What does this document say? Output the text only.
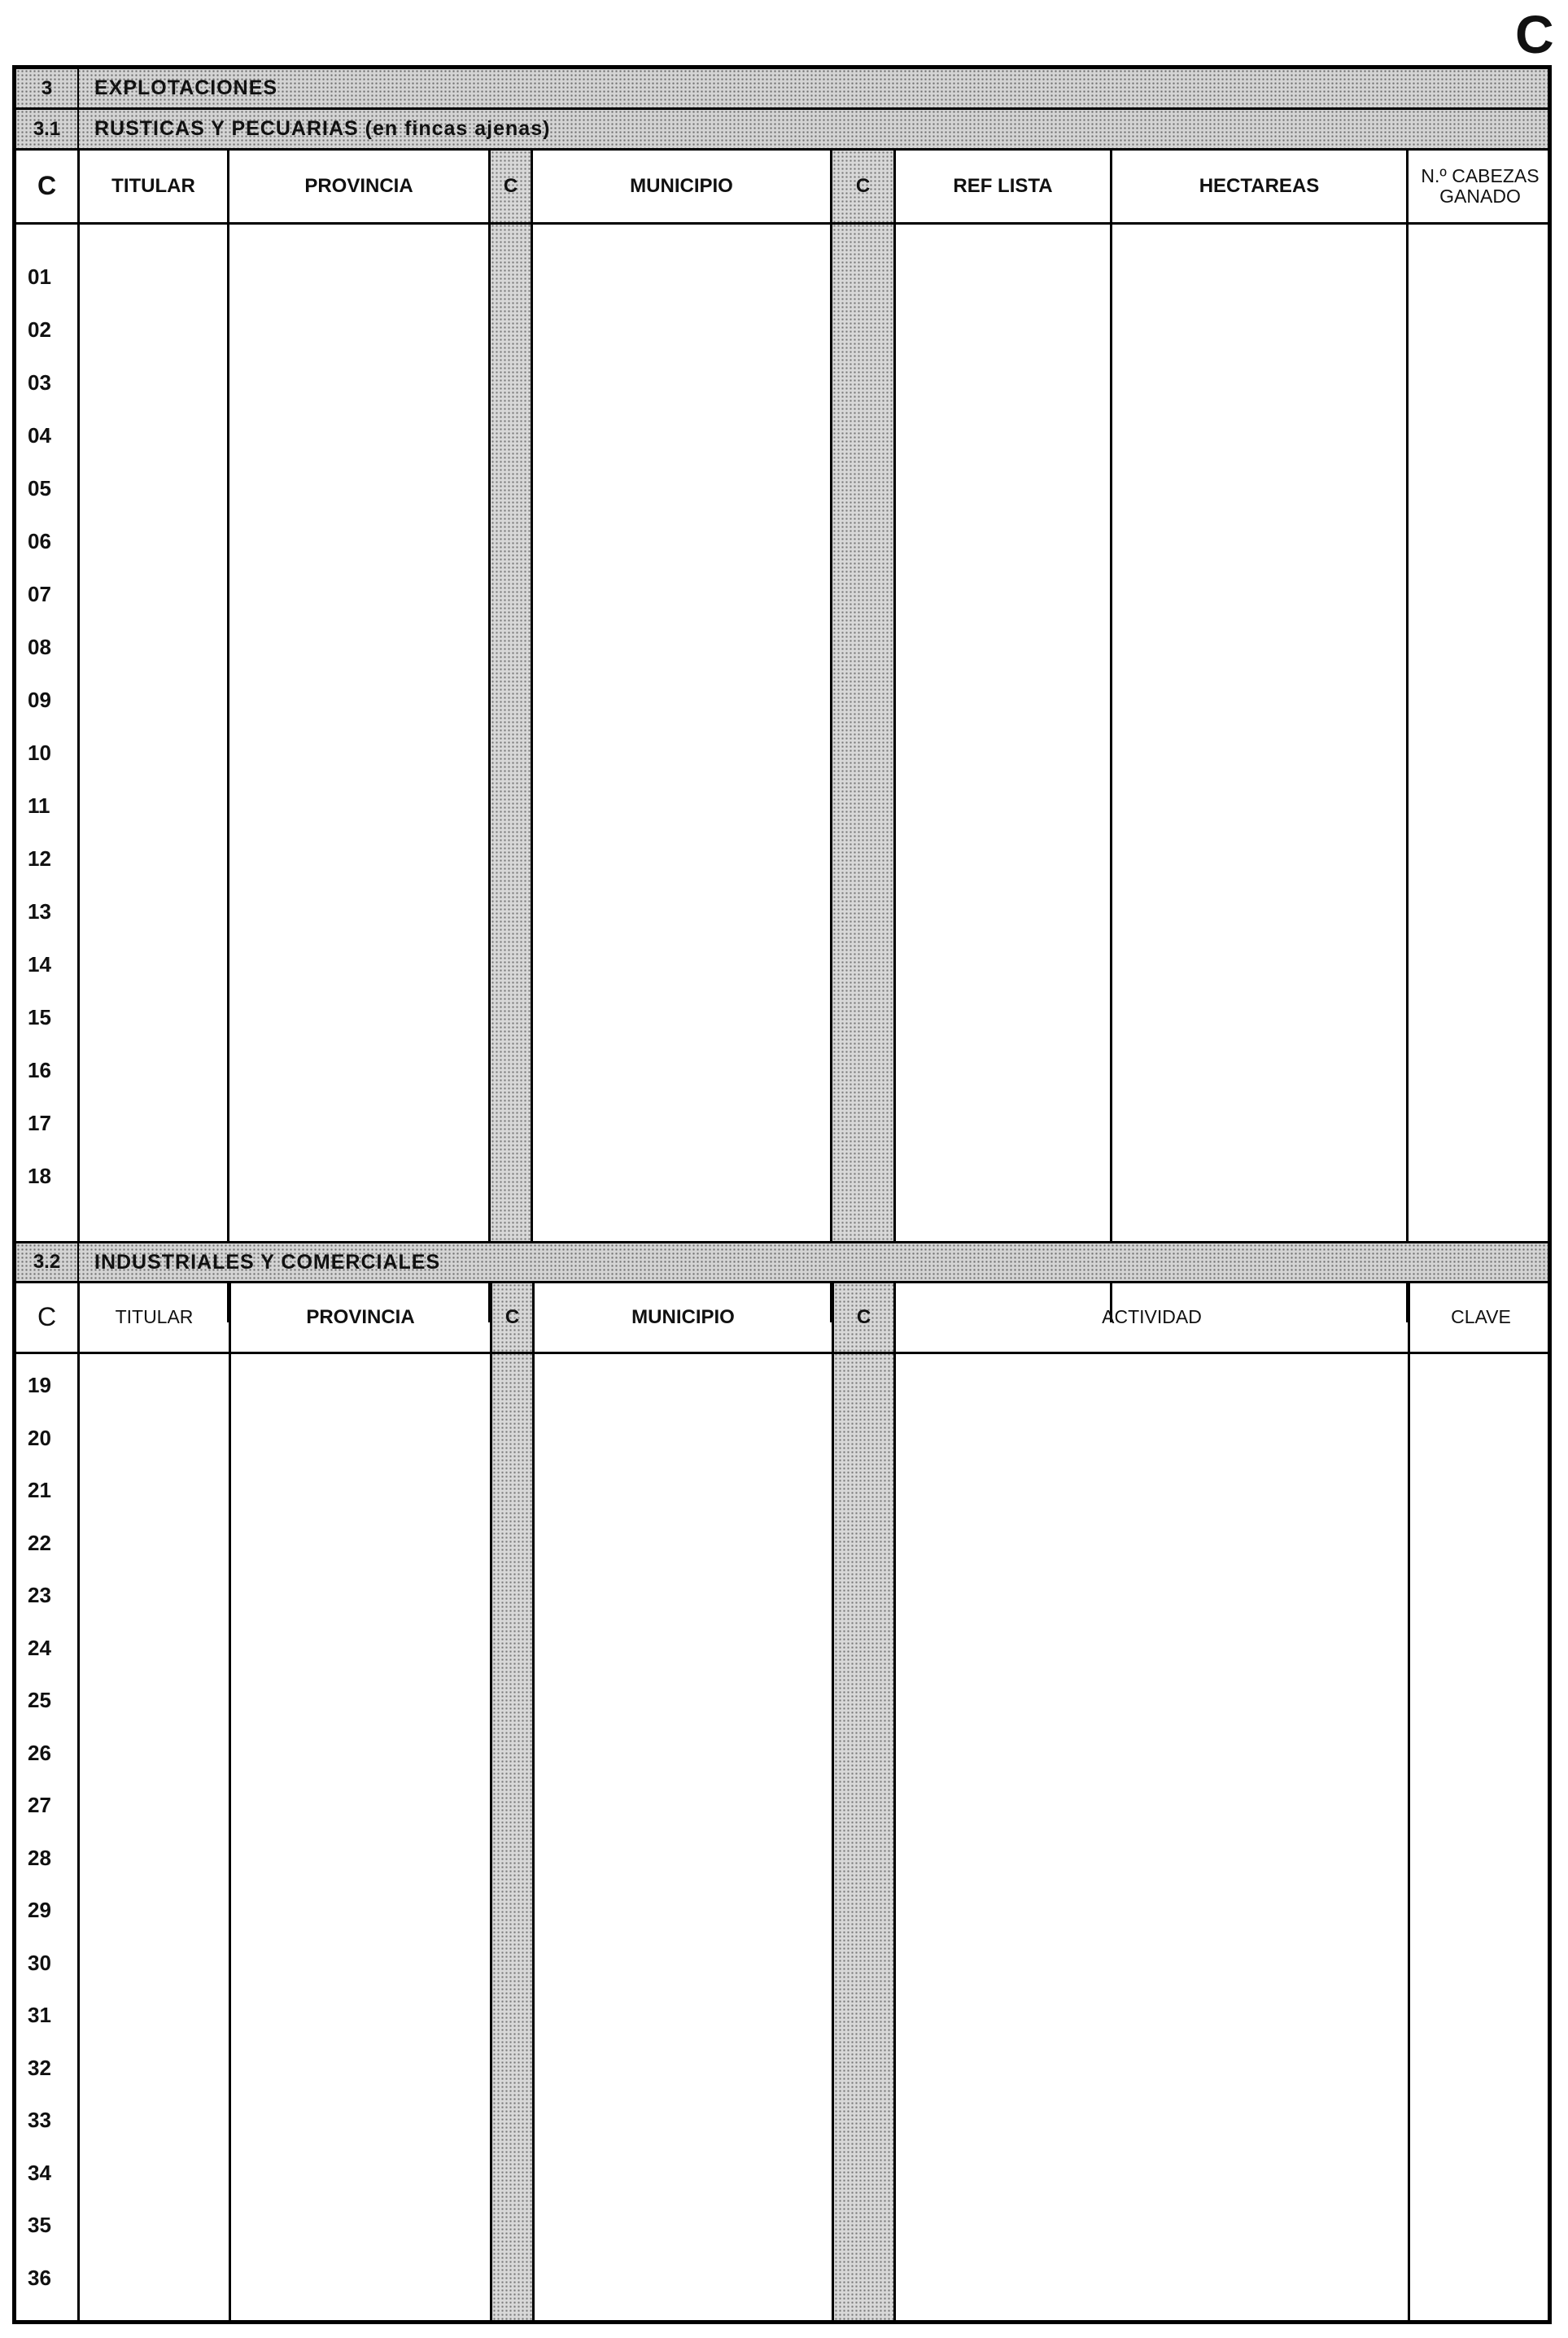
C
3	EXPLOTACIONES
3.1	RUSTICAS Y PECUARIAS (en fincas ajenas)
C	TITULAR	PROVINCIA	C	MUNICIPIO	C	REF LISTA	HECTAREAS	N.º CABEZAS
GANADO
01
02
03
04
05
06
07
08
09
10
11
12
13
14
15
16
17
18
3.2	INDUSTRIALES Y COMERCIALES
C	TITULAR	PROVINCIA	C	MUNICIPIO	C	ACTIVIDAD	CLAVE
19
20
21
22
23
24
25
26
27
28
29
30
31
32
33
34
35
36
